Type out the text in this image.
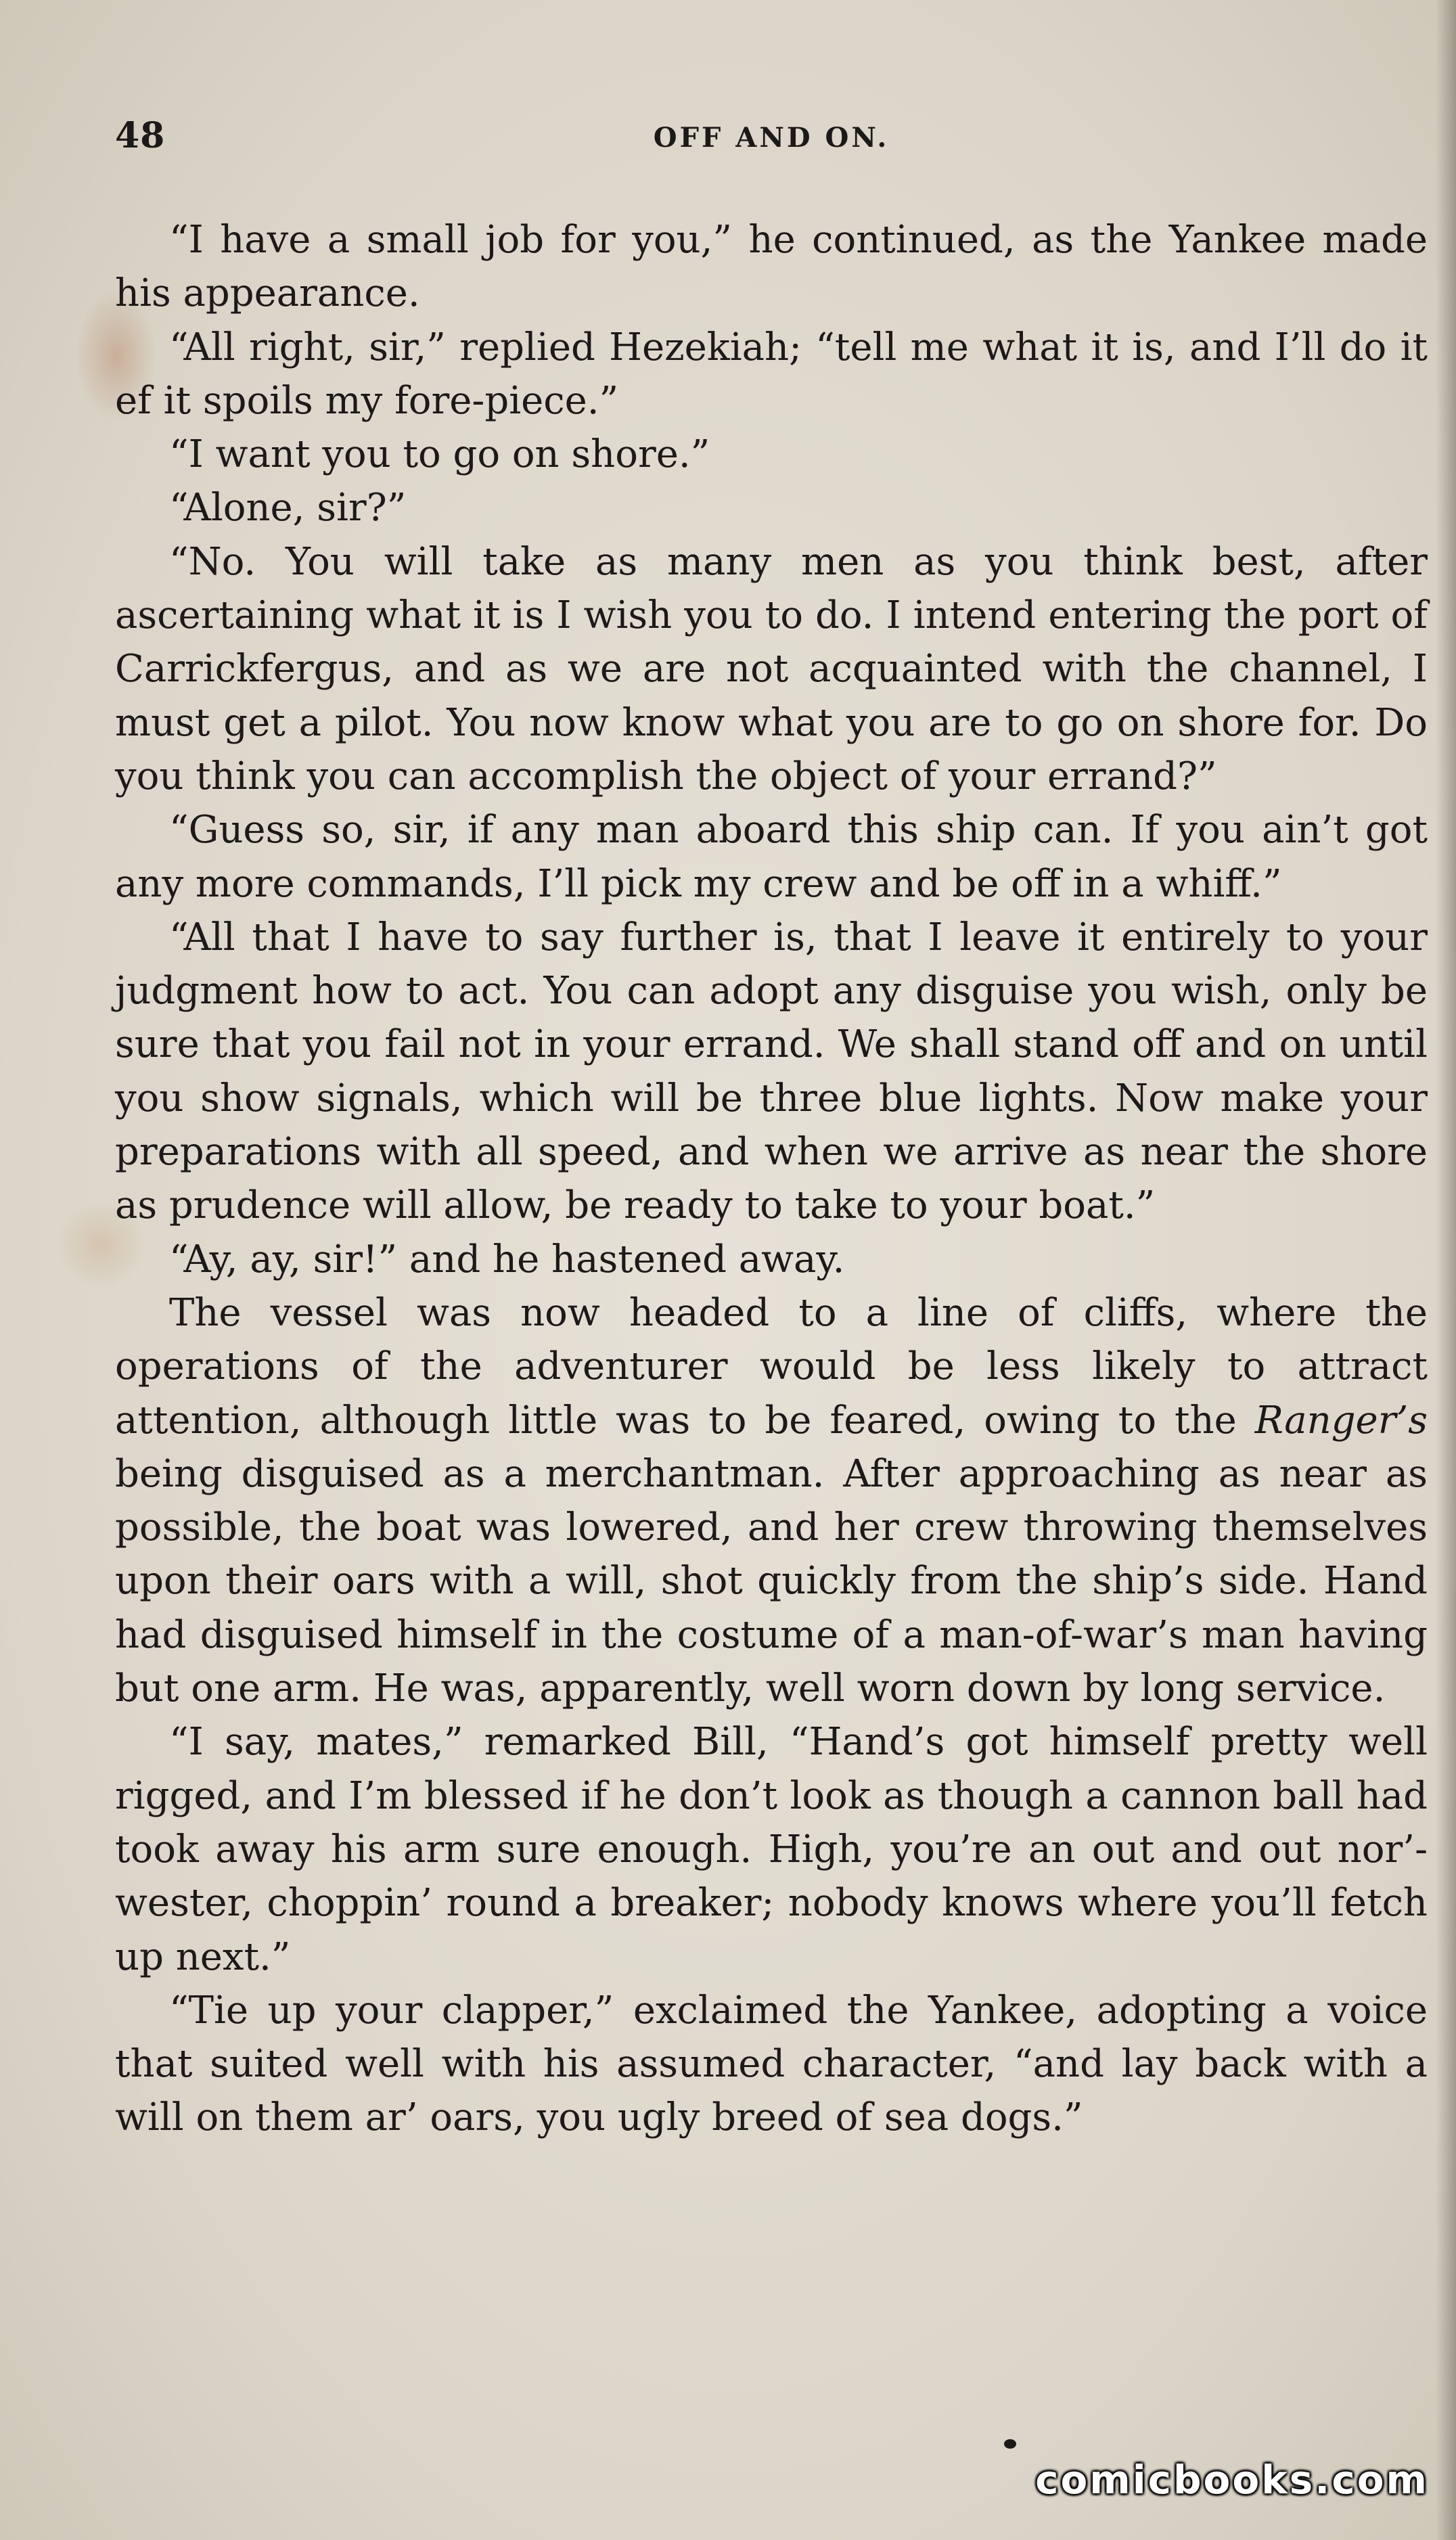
48	OFF AND ON.

“I have a small job for you,” he continued, as the Yankee made his appearance.

“All right, sir,” replied Hezekiah; “tell me what it is, and I’ll do it ef it spoils my fore-piece.”

“I want you to go on shore.”

“Alone, sir?”

“No. You will take as many men as you think best, after ascertaining what it is I wish you to do. I intend entering the port of Carrickfergus, and as we are not acquainted with the channel, I must get a pilot. You now know what you are to go on shore for. Do you think you can accomplish the object of your errand?”

“Guess so, sir, if any man aboard this ship can. If you ain’t got any more commands, I’ll pick my crew and be off in a whiff.”

“All that I have to say further is, that I leave it entirely to your judgment how to act. You can adopt any disguise you wish, only be sure that you fail not in your errand. We shall stand off and on until you show signals, which will be three blue lights. Now make your preparations with all speed, and when we arrive as near the shore as prudence will allow, be ready to take to your boat.”

“Ay, ay, sir!” and he hastened away.

The vessel was now headed to a line of cliffs, where the operations of the adventurer would be less likely to attract attention, although little was to be feared, owing to the Ranger’s being disguised as a merchantman. After approaching as near as possible, the boat was lowered, and her crew throwing themselves upon their oars with a will, shot quickly from the ship’s side. Hand had disguised himself in the costume of a man-of-war’s man having but one arm. He was, apparently, well worn down by long service.

“I say, mates,” remarked Bill, “Hand’s got himself pretty well rigged, and I’m blessed if he don’t look as though a cannon ball had took away his arm sure enough. High, you’re an out and out nor’-wester, choppin’ round a breaker; nobody knows where you’ll fetch up next.”

“Tie up your clapper,” exclaimed the Yankee, adopting a voice that suited well with his assumed character, “and lay back with a will on them ar’ oars, you ugly breed of sea dogs.”

comicbooks.com
